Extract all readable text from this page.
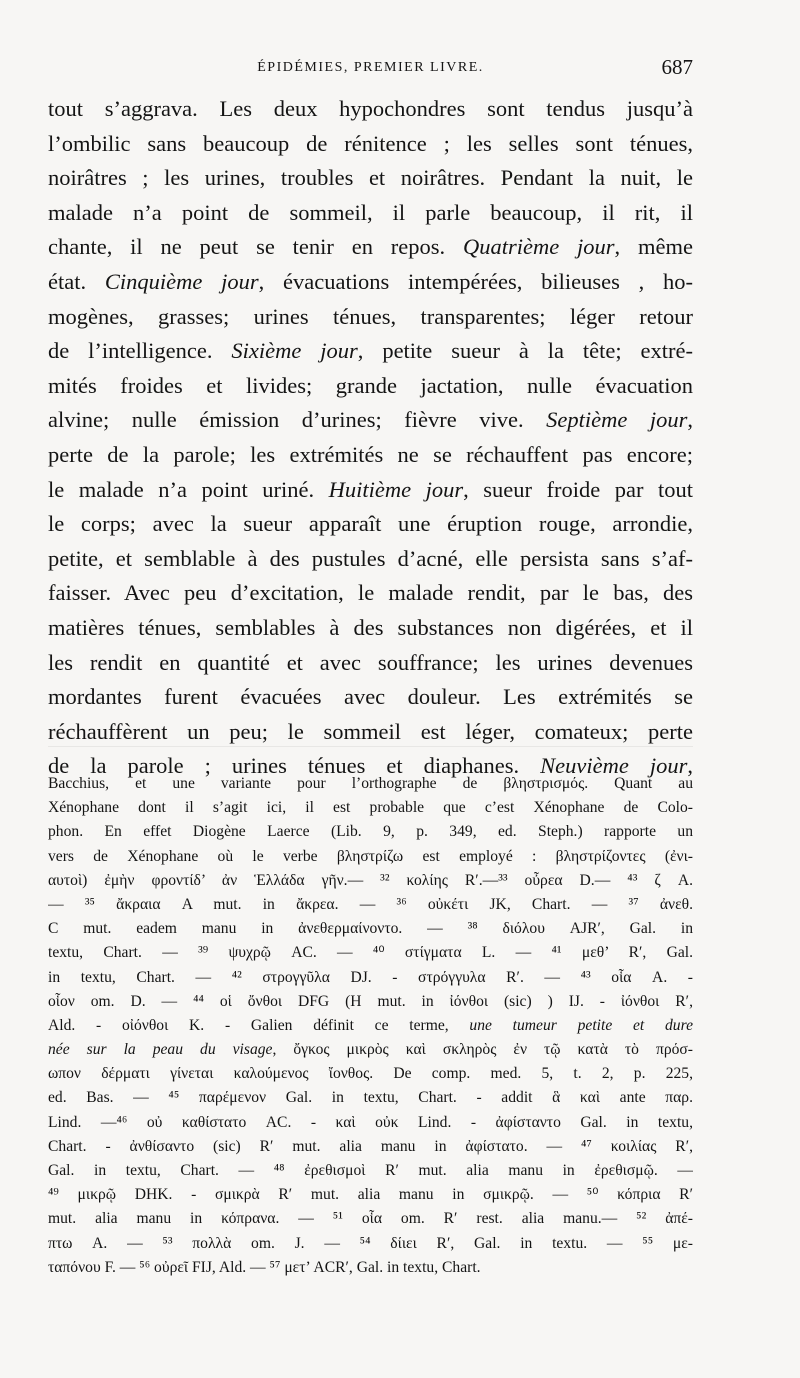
ÉPIDÉMIES, PREMIER LIVRE.	687
tout s’aggrava. Les deux hypochondres sont tendus jusqu’à
l’ombilic sans beaucoup de rénitence ; les selles sont ténues,
noirâtres ; les urines, troubles et noirâtres. Pendant la nuit, le
malade n’a point de sommeil, il parle beaucoup, il rit, il
chante, il ne peut se tenir en repos. Quatrième jour, même
état. Cinquième jour, évacuations intempérées, bilieuses , ho-
mogènes, grasses; urines ténues, transparentes; léger retour
de l’intelligence. Sixième jour, petite sueur à la tête; extré-
mités froides et livides; grande jactation, nulle évacuation
alvine; nulle émission d’urines; fièvre vive. Septième jour,
perte de la parole; les extrémités ne se réchauffent pas encore;
le malade n’a point uriné. Huitième jour, sueur froide par tout
le corps; avec la sueur apparaît une éruption rouge, arrondie,
petite, et semblable à des pustules d’acné, elle persista sans s’af-
faisser. Avec peu d’excitation, le malade rendit, par le bas, des
matières ténues, semblables à des substances non digérées, et il
les rendit en quantité et avec souffrance; les urines devenues
mordantes furent évacuées avec douleur. Les extrémités se
réchauffèrent un peu; le sommeil est léger, comateux; perte
de la parole ; urines ténues et diaphanes. Neuvième jour,
Bacchius, et une variante pour l’orthographe de βληστρισμός. Quant au
Xénophane dont il s’agit ici, il est probable que c’est Xénophane de Colo-
phon. En effet Diogène Laerce (Lib. 9, p. 349, ed. Steph.) rapporte un
vers de Xénophane où le verbe βληστρίζω est employé : βληστρίζοντες (ἐνι-
αυτοὶ) ἐμὴν φροντίδ’ ἀν Ἑλλάδα γῆν.— ³² κολίης R′.—³³ οὖρεα D.— ⁴³ ζ A.
— ³⁵ ἄκραια A mut. in ἄκρεα. — ³⁶ οὐκέτι JK, Chart. — ³⁷ ἀνεθ.
C mut. eadem manu in ἀνεθερμαίνοντο. — ³⁸ διόλου AJR′, Gal. in
textu, Chart. — ³⁹ ψυχρῷ AC. — ⁴⁰ στίγματα L. — ⁴¹ μεθ’ R′, Gal.
in textu, Chart. — ⁴² στρογγῦλα DJ. - στρόγγυλα R′. — ⁴³ οἷα A. -
οἷον om. D. — ⁴⁴ οἱ ὄνθοι DFG (H mut. in ἰόνθοι (sic) ) IJ. - ἰόνθοι R′,
Ald. - οἰόνθοι K. - Galien définit ce terme, une tumeur petite et dure
née sur la peau du visage, ὄγκος μικρὸς καὶ σκληρὸς ἐν τῷ κατὰ τὸ πρόσ-
ωπον δέρματι γίνεται καλούμενος ἴονθος. De comp. med. 5, t. 2, p. 225,
ed. Bas. — ⁴⁵ παρέμενον Gal. in textu, Chart. - addit ἃ καὶ ante παρ.
Lind. —⁴⁶ οὐ καθίστατο AC. - καὶ οὐκ Lind. - ἀφίσταντο Gal. in textu,
Chart. - ἀνθίσαντο (sic) R′ mut. alia manu in ἀφίστατο. — ⁴⁷ κοιλίας R′,
Gal. in textu, Chart. — ⁴⁸ ἐρεθισμοὶ R′ mut. alia manu in ἐρεθισμῷ. —
⁴⁹ μικρῷ DHK. - σμικρὰ R′ mut. alia manu in σμικρῷ. — ⁵⁰ κόπρια R′
mut. alia manu in κόπρανα. — ⁵¹ οἷα om. R′ rest. alia manu.— ⁵² ἀπέ-
πτω A. — ⁵³ πολλὰ om. J. — ⁵⁴ δίιει R′, Gal. in textu. — ⁵⁵ με-
ταπόνου F. — ⁵⁶ οὐρεῖ FIJ, Ald. — ⁵⁷ μετ’ ACR′, Gal. in textu, Chart.
